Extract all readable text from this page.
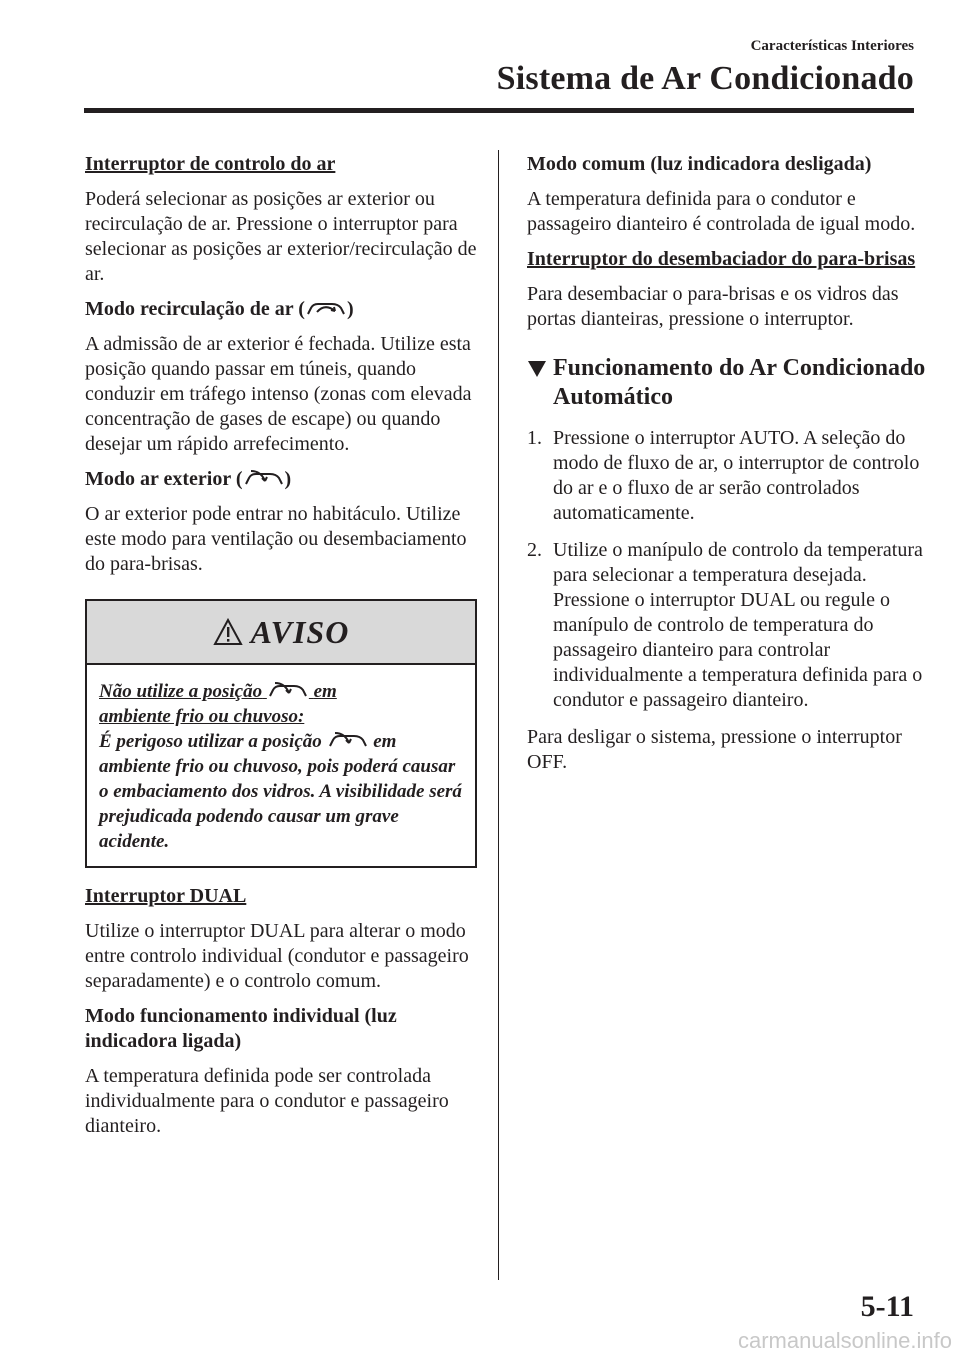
Características Interiores
Sistema de Ar Condicionado

Interruptor de controlo do ar

Poderá selecionar as posições ar exterior ou recirculação de ar. Pressione o interruptor para selecionar as posições ar exterior/recirculação de ar.

Modo recirculação de ar ( )

A admissão de ar exterior é fechada. Utilize esta posição quando passar em túneis, quando conduzir em tráfego intenso (zonas com elevada concentração de gases de escape) ou quando desejar um rápido arrefecimento.

Modo ar exterior ( )

O ar exterior pode entrar no habitáculo. Utilize este modo para ventilação ou desembaciamento do para-brisas.

AVISO
Não utilize a posição	em
ambiente frio ou chuvoso:
É perigoso utilizar a posição	em ambiente frio ou chuvoso, pois poderá causar o embaciamento dos vidros. A visibilidade será prejudicada podendo causar um grave acidente.

Interruptor DUAL

Utilize o interruptor DUAL para alterar o modo entre controlo individual (condutor e passageiro separadamente) e o controlo comum.

Modo funcionamento individual (luz indicadora ligada)

A temperatura definida pode ser controlada individualmente para o condutor e passageiro dianteiro.

Modo comum (luz indicadora desligada)

A temperatura definida para o condutor e passageiro dianteiro é controlada de igual modo.

Interruptor do desembaciador do para-brisas

Para desembaciar o para-brisas e os vidros das portas dianteiras, pressione o interruptor.

Funcionamento do Ar Condicionado Automático
1. Pressione o interruptor AUTO. A seleção do modo de fluxo de ar, o interruptor de controlo do ar e o fluxo de ar serão controlados automaticamente.
2. Utilize o manípulo de controlo da temperatura para selecionar a temperatura desejada. Pressione o interruptor DUAL ou regule o manípulo de controlo de temperatura do passageiro dianteiro para controlar individualmente a temperatura definida para o condutor e passageiro dianteiro.

Para desligar o sistema, pressione o interruptor OFF.

5-11
carmanualsonline.info
